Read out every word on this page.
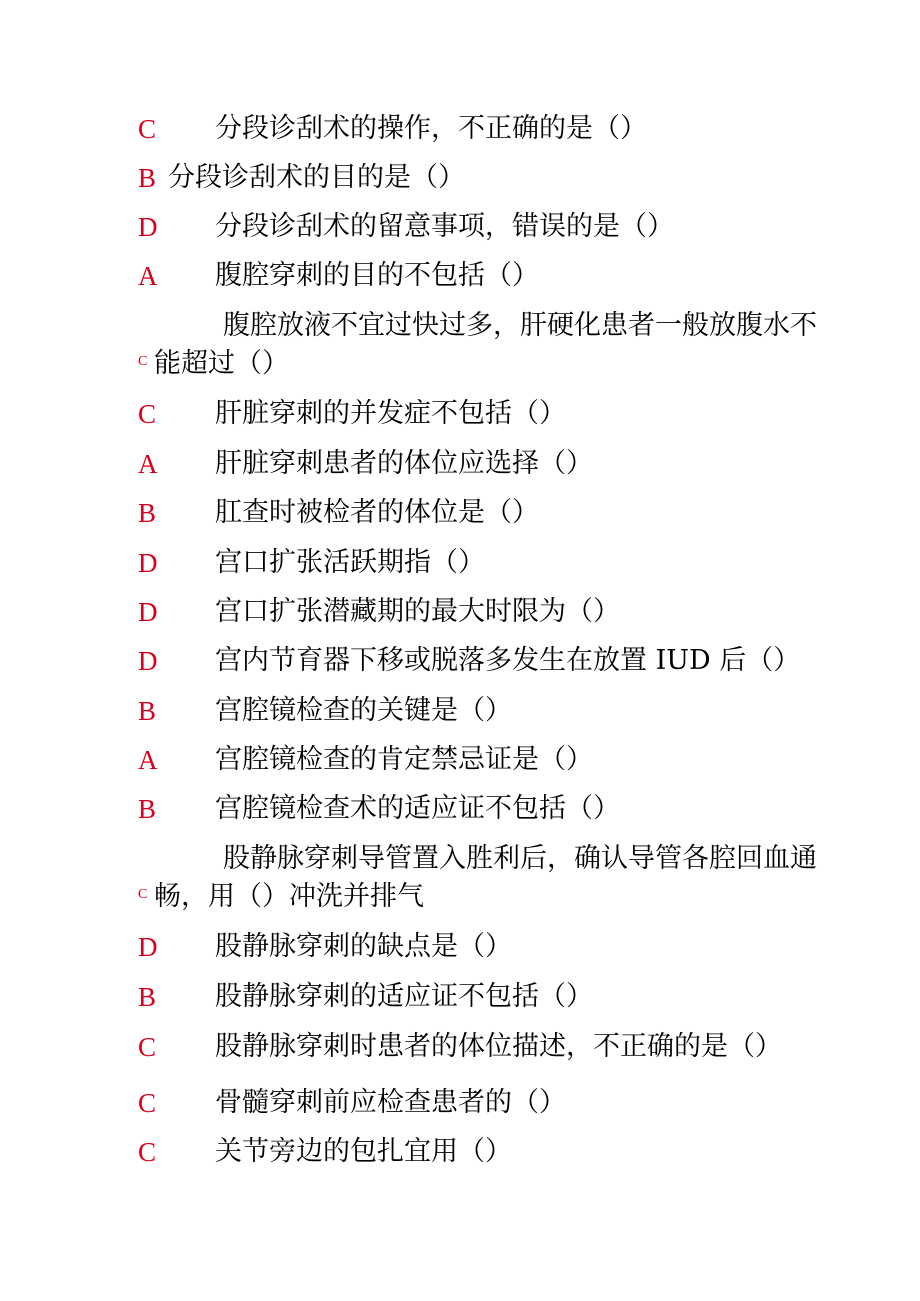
C 分段诊刮术的操作，不正确的是（）
B 分段诊刮术的目的是（）
D 分段诊刮术的留意事项，错误的是（）
A 腹腔穿刺的目的不包括（）
腹腔放液不宜过快过多，肝硬化患者一般放腹水不
C 能超过（）
C 肝脏穿刺的并发症不包括（）
A 肝脏穿刺患者的体位应选择（）
B 肛查时被检者的体位是（）
D 宫口扩张活跃期指（）
D 宫口扩张潜藏期的最大时限为（）
D 宫内节育器下移或脱落多发生在放置 IUD 后（）
B 宫腔镜检查的关键是（）
A 宫腔镜检查的肯定禁忌证是（）
B 宫腔镜检查术的适应证不包括（）
股静脉穿刺导管置入胜利后，确认导管各腔回血通
C 畅，用（）冲洗并排气
D 股静脉穿刺的缺点是（）
B 股静脉穿刺的适应证不包括（）
C 股静脉穿刺时患者的体位描述，不正确的是（）
C 骨髓穿刺前应检查患者的（）
C 关节旁边的包扎宜用（）
